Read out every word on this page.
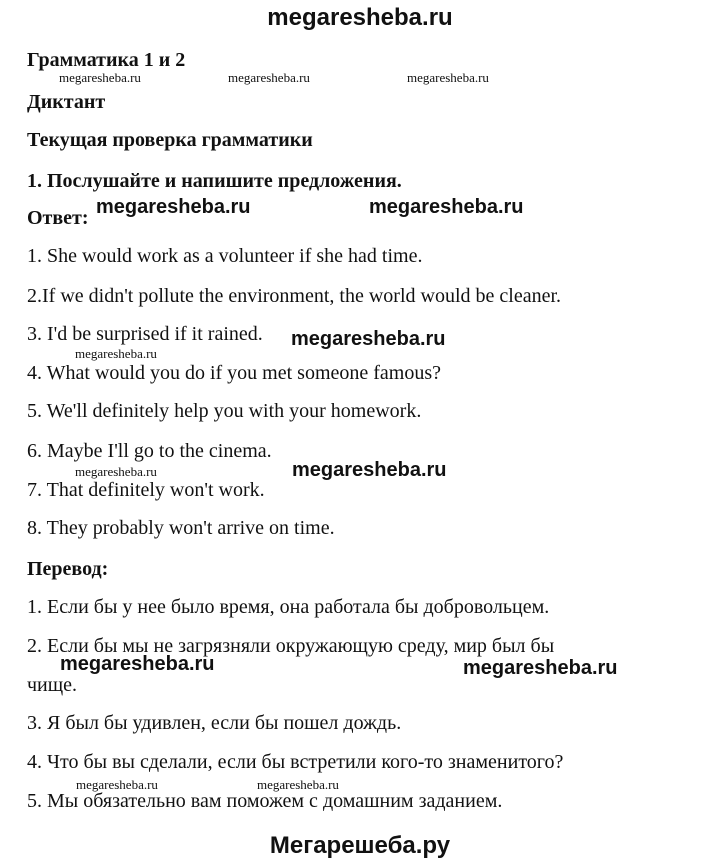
megaresheba.ru
Грамматика 1 и 2
Диктант
Текущая проверка грамматики
1. Послушайте и напишите предложения.
Ответ:
1. She would work as a volunteer if she had time.
2.If we didn't pollute the environment, the world would be cleaner.
3. I'd be surprised if it rained.
4. What would you do if you met someone famous?
5. We'll definitely help you with your homework.
6. Maybe I'll go to the cinema.
7. That definitely won't work.
8. They probably won't arrive on time.
Перевод:
1. Если бы у нее было время, она работала бы добровольцем.
2. Если бы мы не загрязняли окружающую среду, мир был бы
чище.
3. Я был бы удивлен, если бы пошел дождь.
4. Что бы вы сделали, если бы встретили кого-то знаменитого?
5. Мы обязательно вам поможем с домашним заданием.
megaresheba.ru	megaresheba.ru	megaresheba.ru
megaresheba.ru
megaresheba.ru
megaresheba.ru	megaresheba.ru
megaresheba.ru	megaresheba.ru
megaresheba.ru
megaresheba.ru
megaresheba.ru	megaresheba.ru
Мегарешеба.ру
